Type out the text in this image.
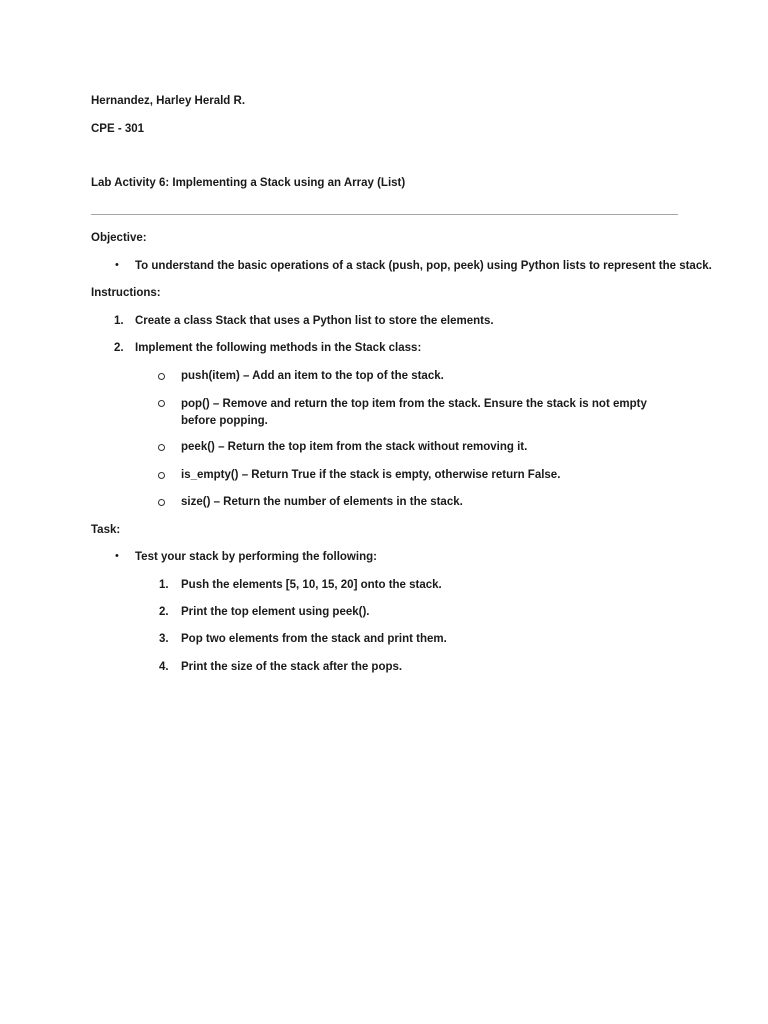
Hernandez, Harley Herald R.
CPE - 301
Lab Activity 6: Implementing a Stack using an Array (List)
Objective:
• To understand the basic operations of a stack (push, pop, peek) using Python lists to represent the stack.
Instructions:
1. Create a class Stack that uses a Python list to store the elements.
2. Implement the following methods in the Stack class:
push(item) – Add an item to the top of the stack.
pop() – Remove and return the top item from the stack. Ensure the stack is not empty before popping.
peek() – Return the top item from the stack without removing it.
is_empty() – Return True if the stack is empty, otherwise return False.
size() – Return the number of elements in the stack.
Task:
• Test your stack by performing the following:
1. Push the elements [5, 10, 15, 20] onto the stack.
2. Print the top element using peek().
3. Pop two elements from the stack and print them.
4. Print the size of the stack after the pops.
